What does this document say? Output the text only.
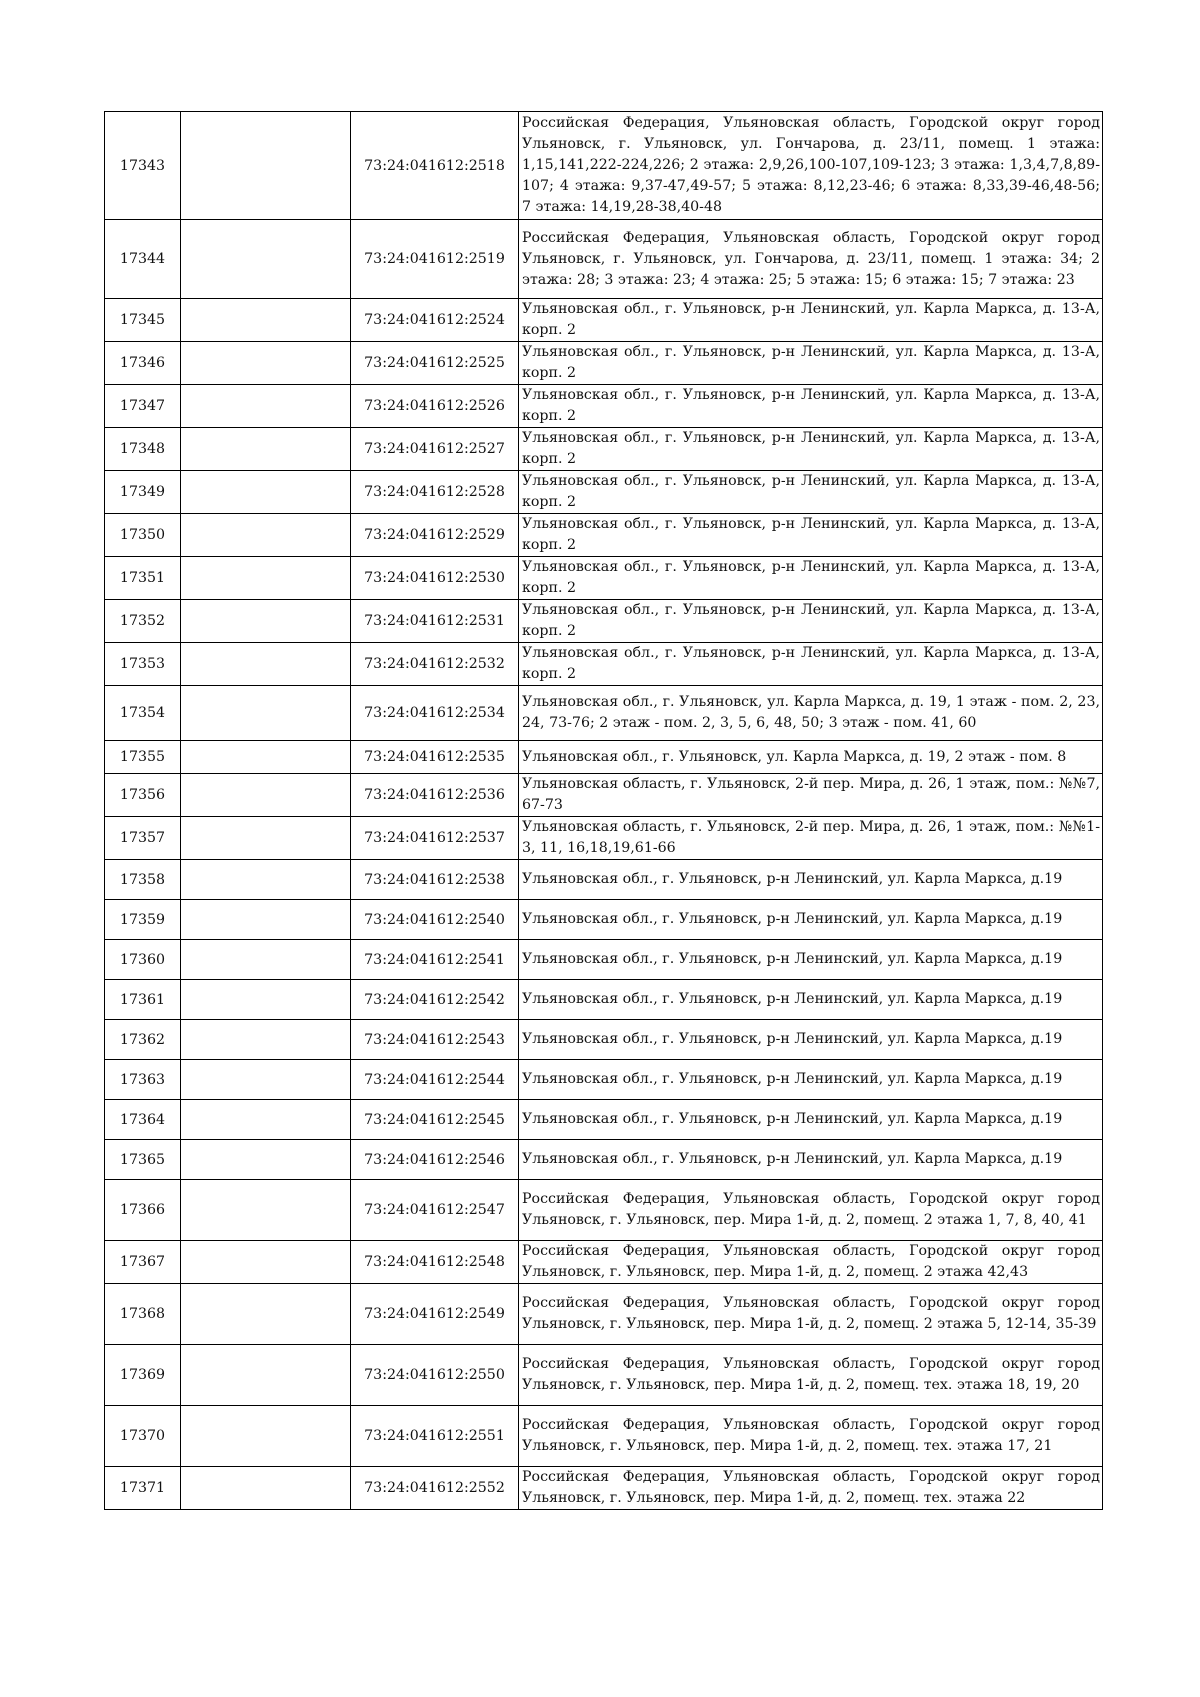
17343		73:24:041612:2518	Российская Федерация, Ульяновская область, Городской округ город Ульяновск, г. Ульяновск, ул. Гончарова, д. 23/11, помещ. 1 этажа: 1,15,141,222-224,226; 2 этажа: 2,9,26,100-107,109-123; 3 этажа: 1,3,4,7,8,89-107; 4 этажа: 9,37-47,49-57; 5 этажа: 8,12,23-46; 6 этажа: 8,33,39-46,48-56; 7 этажа: 14,19,28-38,40-48
17344		73:24:041612:2519	Российская Федерация, Ульяновская область, Городской округ город Ульяновск, г. Ульяновск, ул. Гончарова, д. 23/11, помещ. 1 этажа: 34; 2 этажа: 28; 3 этажа: 23; 4 этажа: 25; 5 этажа: 15; 6 этажа: 15; 7 этажа: 23
17345		73:24:041612:2524	Ульяновская обл., г. Ульяновск, р-н Ленинский, ул. Карла Маркса, д. 13-А, корп. 2
17346		73:24:041612:2525	Ульяновская обл., г. Ульяновск, р-н Ленинский, ул. Карла Маркса, д. 13-А, корп. 2
17347		73:24:041612:2526	Ульяновская обл., г. Ульяновск, р-н Ленинский, ул. Карла Маркса, д. 13-А, корп. 2
17348		73:24:041612:2527	Ульяновская обл., г. Ульяновск, р-н Ленинский, ул. Карла Маркса, д. 13-А, корп. 2
17349		73:24:041612:2528	Ульяновская обл., г. Ульяновск, р-н Ленинский, ул. Карла Маркса, д. 13-А, корп. 2
17350		73:24:041612:2529	Ульяновская обл., г. Ульяновск, р-н Ленинский, ул. Карла Маркса, д. 13-А, корп. 2
17351		73:24:041612:2530	Ульяновская обл., г. Ульяновск, р-н Ленинский, ул. Карла Маркса, д. 13-А, корп. 2
17352		73:24:041612:2531	Ульяновская обл., г. Ульяновск, р-н Ленинский, ул. Карла Маркса, д. 13-А, корп. 2
17353		73:24:041612:2532	Ульяновская обл., г. Ульяновск, р-н Ленинский, ул. Карла Маркса, д. 13-А, корп. 2
17354		73:24:041612:2534	Ульяновская обл., г. Ульяновск, ул. Карла Маркса, д. 19, 1 этаж - пом. 2, 23, 24, 73-76; 2 этаж - пом. 2, 3, 5, 6, 48, 50; 3 этаж - пом. 41, 60
17355		73:24:041612:2535	Ульяновская обл., г. Ульяновск, ул. Карла Маркса, д. 19, 2 этаж - пом. 8
17356		73:24:041612:2536	Ульяновская область, г. Ульяновск, 2-й пер. Мира, д. 26, 1 этаж, пом.: №№7, 67-73
17357		73:24:041612:2537	Ульяновская область, г. Ульяновск, 2-й пер. Мира, д. 26, 1 этаж, пом.: №№1-3, 11, 16,18,19,61-66
17358		73:24:041612:2538	Ульяновская обл., г. Ульяновск, р-н Ленинский, ул. Карла Маркса, д.19
17359		73:24:041612:2540	Ульяновская обл., г. Ульяновск, р-н Ленинский, ул. Карла Маркса, д.19
17360		73:24:041612:2541	Ульяновская обл., г. Ульяновск, р-н Ленинский, ул. Карла Маркса, д.19
17361		73:24:041612:2542	Ульяновская обл., г. Ульяновск, р-н Ленинский, ул. Карла Маркса, д.19
17362		73:24:041612:2543	Ульяновская обл., г. Ульяновск, р-н Ленинский, ул. Карла Маркса, д.19
17363		73:24:041612:2544	Ульяновская обл., г. Ульяновск, р-н Ленинский, ул. Карла Маркса, д.19
17364		73:24:041612:2545	Ульяновская обл., г. Ульяновск, р-н Ленинский, ул. Карла Маркса, д.19
17365		73:24:041612:2546	Ульяновская обл., г. Ульяновск, р-н Ленинский, ул. Карла Маркса, д.19
17366		73:24:041612:2547	Российская Федерация, Ульяновская область, Городской округ город Ульяновск, г. Ульяновск, пер. Мира 1-й, д. 2, помещ. 2 этажа 1, 7, 8, 40, 41
17367		73:24:041612:2548	Российская Федерация, Ульяновская область, Городской округ город Ульяновск, г. Ульяновск, пер. Мира 1-й, д. 2, помещ. 2 этажа 42,43
17368		73:24:041612:2549	Российская Федерация, Ульяновская область, Городской округ город Ульяновск, г. Ульяновск, пер. Мира 1-й, д. 2, помещ. 2 этажа 5, 12-14, 35-39
17369		73:24:041612:2550	Российская Федерация, Ульяновская область, Городской округ город Ульяновск, г. Ульяновск, пер. Мира 1-й, д. 2, помещ. тех. этажа 18, 19, 20
17370		73:24:041612:2551	Российская Федерация, Ульяновская область, Городской округ город Ульяновск, г. Ульяновск, пер. Мира 1-й, д. 2, помещ. тех. этажа 17, 21
17371		73:24:041612:2552	Российская Федерация, Ульяновская область, Городской округ город Ульяновск, г. Ульяновск, пер. Мира 1-й, д. 2, помещ. тех. этажа 22
